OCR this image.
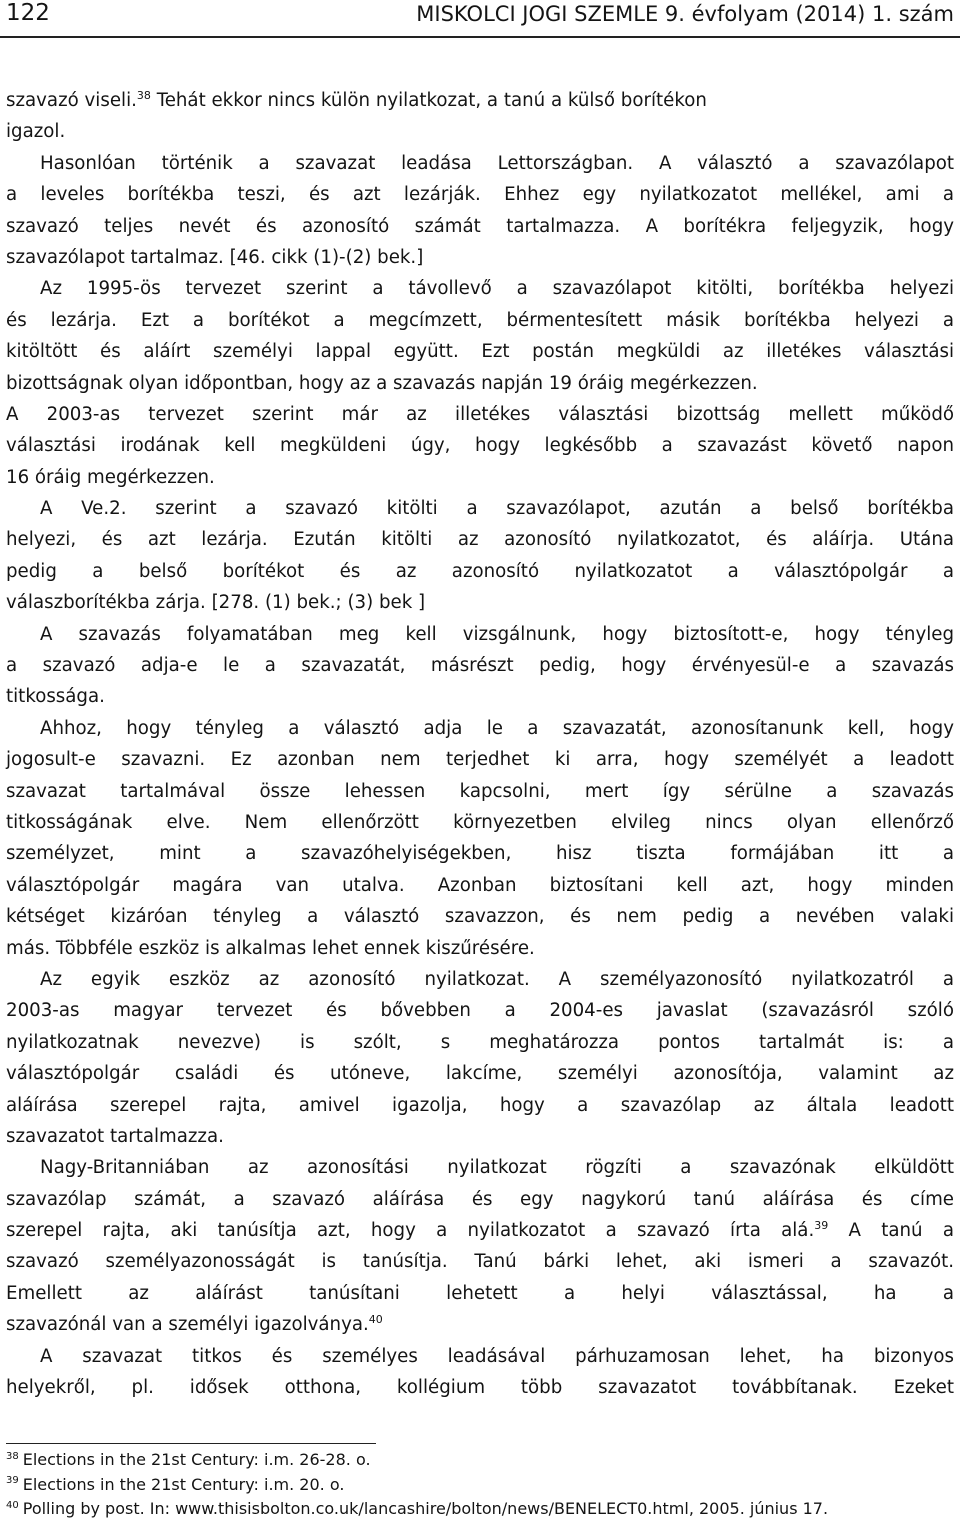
122	MISKOLCI JOGI SZEMLE 9. évfolyam (2014) 1. szám
szavazó viseli.$^{38}$ Tehát ekkor nincs külön nyilatkozat, a tanú a külső borítékon
igazol.
Hasonlóan történik a szavazat leadása Lettországban. A választó a szavazólapot
a leveles borítékba teszi, és azt lezárják. Ehhez egy nyilatkozatot mellékel, ami a
szavazó teljes nevét és azonosító számát tartalmazza. A borítékra feljegyzik, hogy
szavazólapot tartalmaz. [46. cikk (1)-(2) bek.]
Az 1995-ös tervezet szerint a távollevő a szavazólapot kitölti, borítékba helyezi
és lezárja. Ezt a borítékot a megcímzett, bérmentesített másik borítékba helyezi a
kitöltött és aláírt személyi lappal együtt. Ezt postán megküldi az illetékes választási
bizottságnak olyan időpontban, hogy az a szavazás napján 19 óráig megérkezzen.
A 2003-as tervezet szerint már az illetékes választási bizottság mellett működő
választási irodának kell megküldeni úgy, hogy legkésőbb a szavazást követő napon
16 óráig megérkezzen.
A Ve.2. szerint a szavazó kitölti a szavazólapot, azután a belső borítékba
helyezi, és azt lezárja. Ezután kitölti az azonosító nyilatkozatot, és aláírja. Utána
pedig a belső borítékot és az azonosító nyilatkozatot a választópolgár a
válaszborítékba zárja. [278. (1) bek.; (3) bek ]
A szavazás folyamatában meg kell vizsgálnunk, hogy biztosított-e, hogy tényleg
a szavazó adja-e le a szavazatát, másrészt pedig, hogy érvényesül-e a szavazás
titkossága.
Ahhoz, hogy tényleg a választó adja le a szavazatát, azonosítanunk kell, hogy
jogosult-e szavazni. Ez azonban nem terjedhet ki arra, hogy személyét a leadott
szavazat tartalmával össze lehessen kapcsolni, mert így sérülne a szavazás
titkosságának elve. Nem ellenőrzött környezetben elvileg nincs olyan ellenőrző
személyzet, mint a szavazóhelyiségekben, hisz tiszta formájában itt a
választópolgár magára van utalva. Azonban biztosítani kell azt, hogy minden
kétséget kizáróan tényleg a választó szavazzon, és nem pedig a nevében valaki
más. Többféle eszköz is alkalmas lehet ennek kiszűrésére.
Az egyik eszköz az azonosító nyilatkozat. A személyazonosító nyilatkozatról a
2003-as magyar tervezet és bővebben a 2004-es javaslat (szavazásról szóló
nyilatkozatnak nevezve) is szólt, s meghatározza pontos tartalmát is: a
választópolgár családi és utóneve, lakcíme, személyi azonosítója, valamint az
aláírása szerepel rajta, amivel igazolja, hogy a szavazólap az általa leadott
szavazatot tartalmazza.
Nagy-Britanniában az azonosítási nyilatkozat rögzíti a szavazónak elküldött
szavazólap számát, a szavazó aláírása és egy nagykorú tanú aláírása és címe
szerepel rajta, aki tanúsítja azt, hogy a nyilatkozatot a szavazó írta alá.$^{39}$ A tanú a
szavazó személyazonosságát is tanúsítja. Tanú bárki lehet, aki ismeri a szavazót.
Emellett az aláírást tanúsítani lehetett a helyi választással, ha a
szavazónál van a személyi igazolványa.$^{40}$
A szavazat titkos és személyes leadásával párhuzamosan lehet, ha bizonyos
helyekről, pl. idősek otthona, kollégium több szavazatot továbbítanak. Ezeket
$^{38}$ Elections in the 21st Century: i.m. 26-28. o.
$^{39}$ Elections in the 21st Century: i.m. 20. o.
$^{40}$ Polling by post. In: www.thisisbolton.co.uk/lancashire/bolton/news/BENELECT0.html, 2005. június 17.
